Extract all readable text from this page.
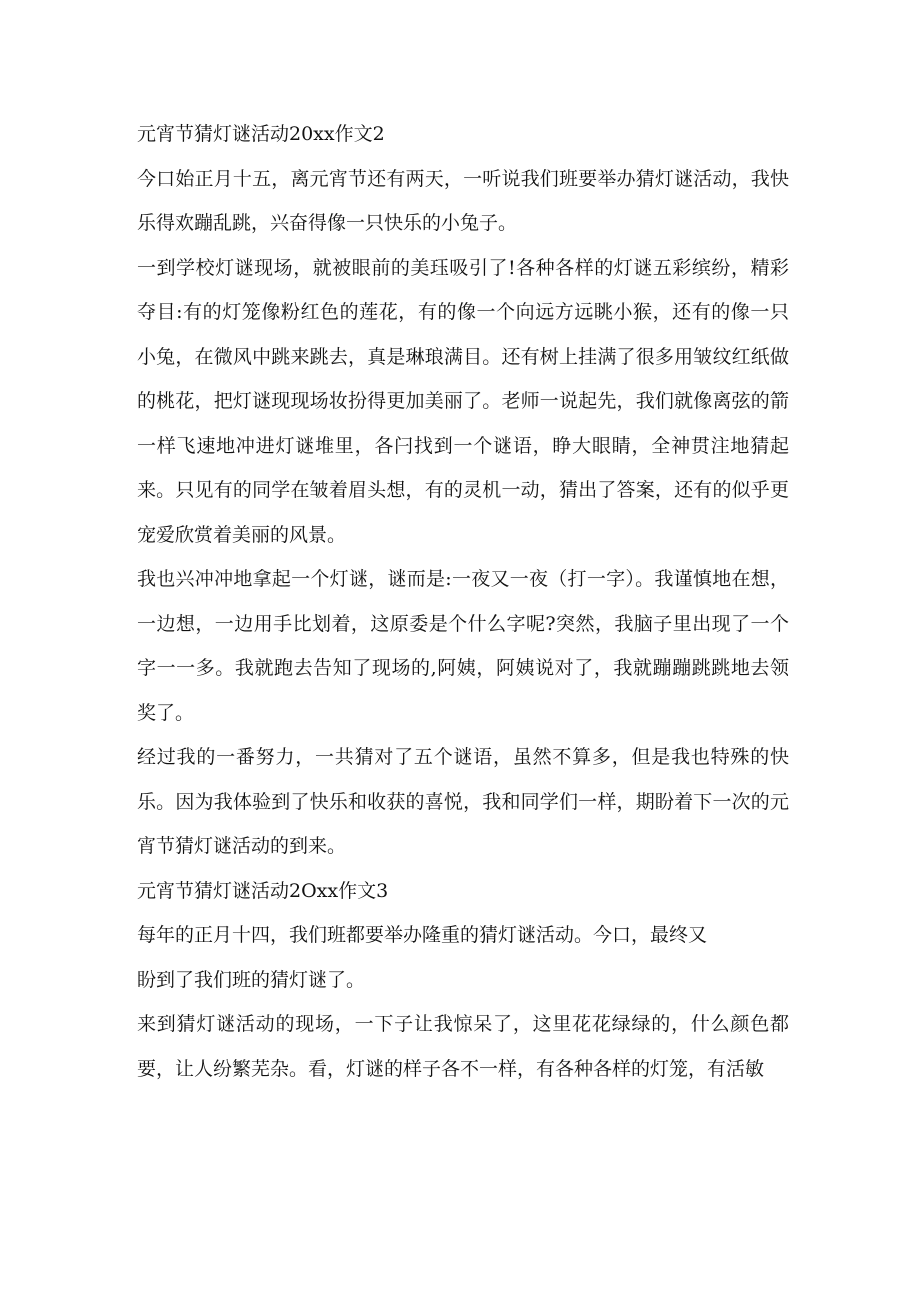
元宵节猜灯谜活动20xx作文2

今口始正月十五，离元宵节还有两天，一听说我们班要举办猜灯谜活动，我快乐得欢蹦乱跳，兴奋得像一只快乐的小兔子。

一到学校灯谜现场，就被眼前的美珏吸引了!各种各样的灯谜五彩缤纷，精彩夺目:有的灯笼像粉红色的莲花，有的像一个向远方远眺小猴，还有的像一只小兔，在微风中跳来跳去，真是琳琅满目。还有树上挂满了很多用皱纹红纸做的桃花，把灯谜现现场妆扮得更加美丽了。老师一说起先，我们就像离弦的箭一样飞速地冲进灯谜堆里，各闩找到一个谜语，睁大眼睛，全神贯注地猜起来。只见有的同学在皱着眉头想，有的灵机一动，猜出了答案，还有的似乎更宠爱欣赏着美丽的风景。

我也兴冲冲地拿起一个灯谜，谜而是:一夜又一夜（打一字）。我谨慎地在想，一边想，一边用手比划着，这原委是个什么字呢?突然，我脑子里出现了一个字一一多。我就跑去告知了现场的,阿姨，阿姨说对了，我就蹦蹦跳跳地去领奖了。

经过我的一番努力，一共猜对了五个谜语，虽然不算多，但是我也特殊的快乐。因为我体验到了快乐和收获的喜悦，我和同学们一样，期盼着下一次的元宵节猜灯谜活动的到来。

元宵节猜灯谜活动2Oxx作文3

每年的正月十四，我们班都要举办隆重的猜灯谜活动。今口，最终又

盼到了我们班的猜灯谜了。

来到猜灯谜活动的现场，一下子让我惊呆了，这里花花绿绿的，什么颜色都要，让人纷繁芜杂。看，灯谜的样子各不一样，有各种各样的灯笼，有活敏
